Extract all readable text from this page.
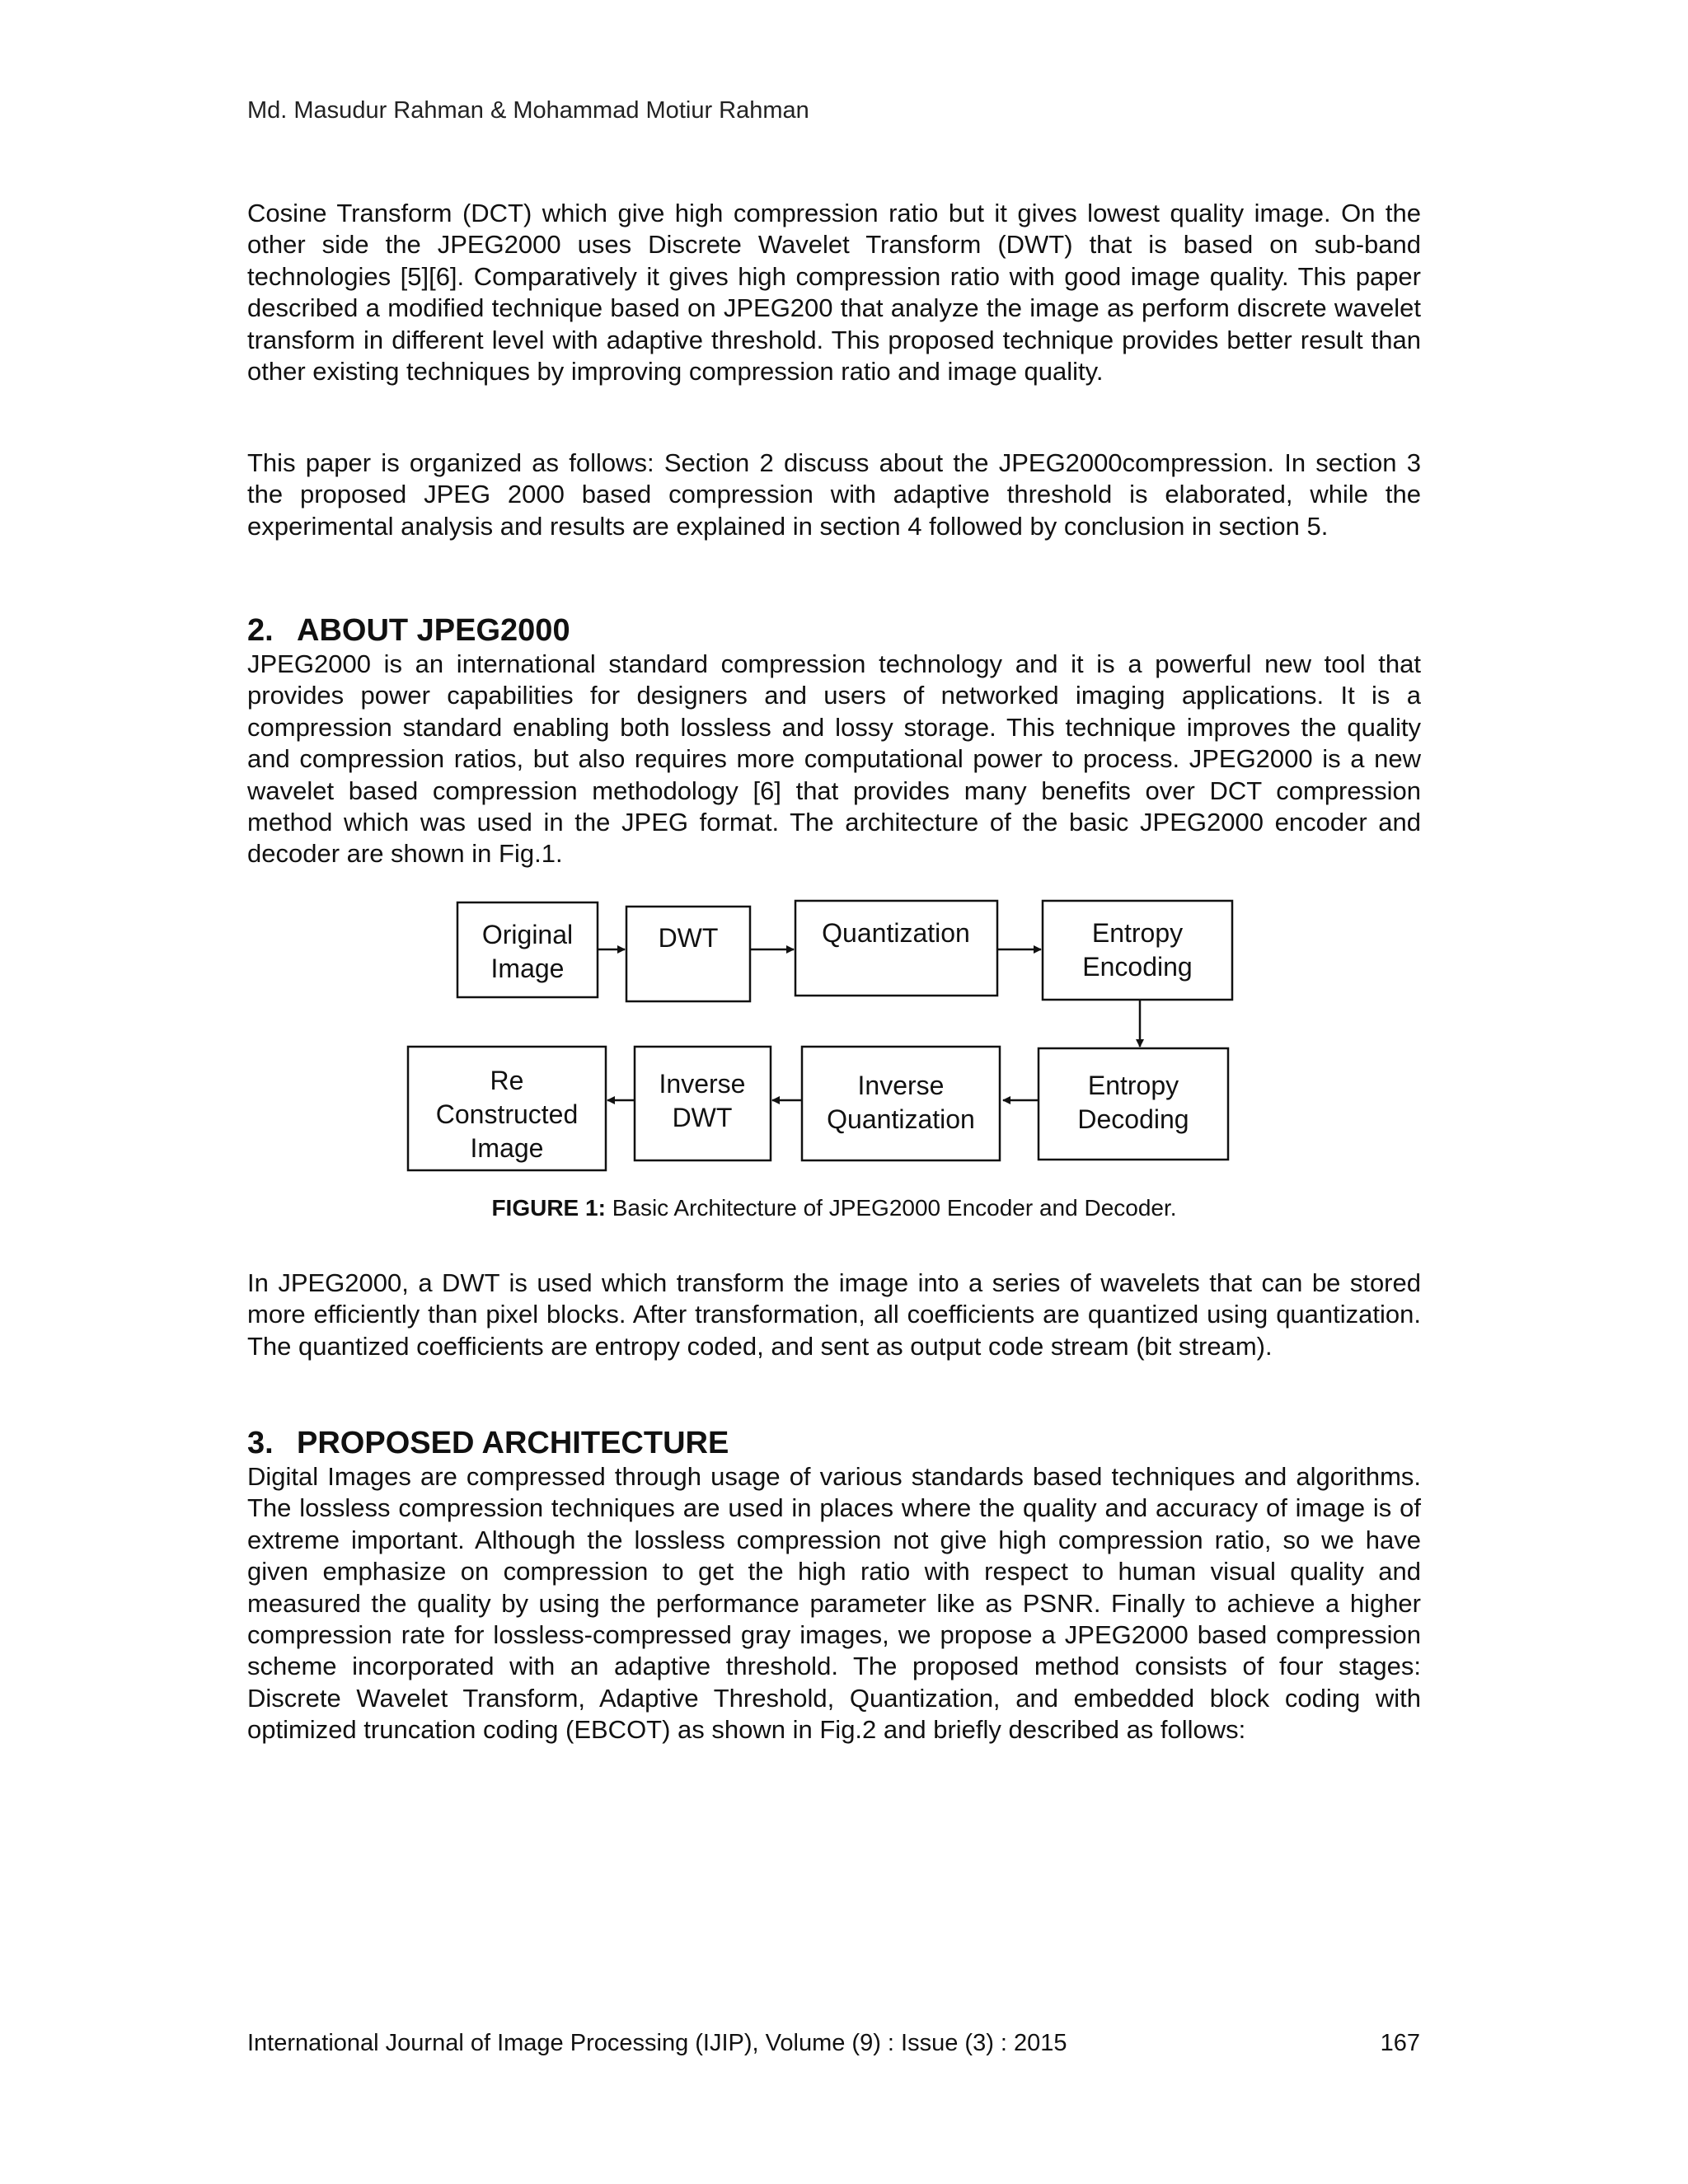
Md. Masudur Rahman & Mohammad Motiur Rahman

Cosine Transform (DCT) which give high compression ratio but it gives lowest quality image. On the other side the JPEG2000 uses Discrete Wavelet Transform (DWT) that is based on sub-band technologies [5][6]. Comparatively it gives high compression ratio with good image quality. This paper described a modified technique based on JPEG200 that analyze the image as perform discrete wavelet transform in different level with adaptive threshold. This proposed technique provides better result than other existing techniques by improving compression ratio and image quality.

This paper is organized as follows: Section 2 discuss about the JPEG2000compression. In section 3 the proposed JPEG 2000 based compression with adaptive threshold is elaborated, while the experimental analysis and results are explained in section 4 followed by conclusion in section 5.

2. ABOUT JPEG2000

JPEG2000 is an international standard compression technology and it is a powerful new tool that provides power capabilities for designers and users of networked imaging applications. It is a compression standard enabling both lossless and lossy storage. This technique improves the quality and compression ratios, but also requires more computational power to process. JPEG2000 is a new wavelet based compression methodology [6] that provides many benefits over DCT compression method which was used in the JPEG format. The architecture of the basic JPEG2000 encoder and decoder are shown in Fig.1.

Original
Image
DWT	Quantization	Entropy
Encoding
Entropy
Decoding
Inverse
Quantization
Inverse
DWT
Re
Constructed
Image
FIGURE 1: Basic Architecture of JPEG2000 Encoder and Decoder.

In JPEG2000, a DWT is used which transform the image into a series of wavelets that can be stored more efficiently than pixel blocks. After transformation, all coefficients are quantized using quantization. The quantized coefficients are entropy coded, and sent as output code stream (bit stream).

3. PROPOSED ARCHITECTURE

Digital Images are compressed through usage of various standards based techniques and algorithms. The lossless compression techniques are used in places where the quality and accuracy of image is of extreme important. Although the lossless compression not give high compression ratio, so we have given emphasize on compression to get the high ratio with respect to human visual quality and measured the quality by using the performance parameter like as PSNR. Finally to achieve a higher compression rate for lossless-compressed gray images, we propose a JPEG2000 based compression scheme incorporated with an adaptive threshold. The proposed method consists of four stages: Discrete Wavelet Transform, Adaptive Threshold, Quantization, and embedded block coding with optimized truncation coding (EBCOT) as shown in Fig.2 and briefly described as follows:

International Journal of Image Processing (IJIP), Volume (9) : Issue (3) : 2015	167
